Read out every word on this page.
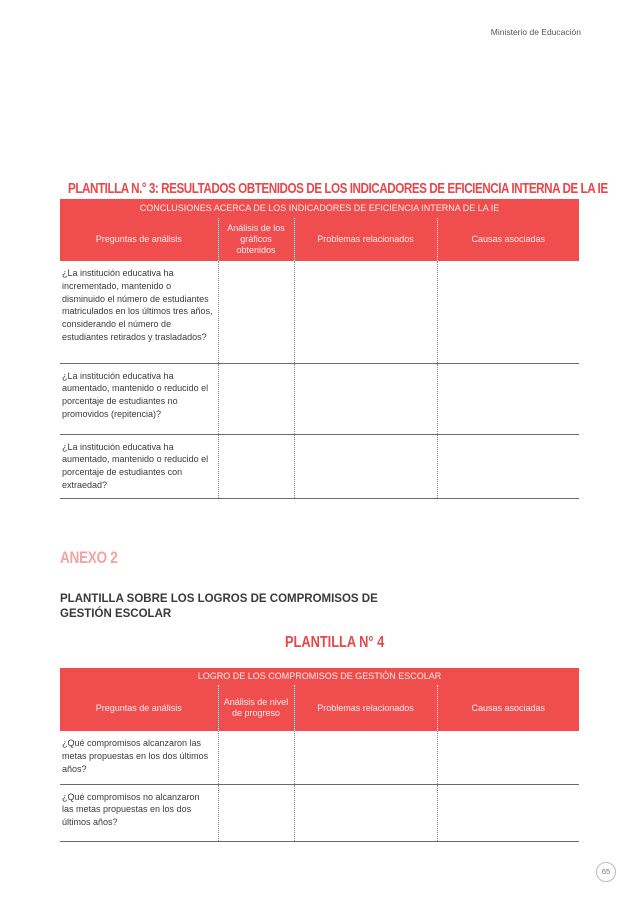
Ministerio de Educación
PLANTILLA N.° 3: RESULTADOS OBTENIDOS DE LOS INDICADORES DE EFICIENCIA INTERNA DE LA IE
CONCLUSIONES ACERCA DE LOS INDICADORES DE EFICIENCIA INTERNA DE LA IE			
Preguntas de análisis	Análisis de los gráficos obtenidos	Problemas relacionados	Causas asociadas
¿La institución educativa ha incrementado, mantenido o disminuido el número de estudiantes matriculados en los últimos tres años, considerando el número de estudiantes retirados y trasladados?			
¿La institución educativa ha aumentado, mantenido o reducido el porcentaje de estudiantes no promovidos (repitencia)?			
¿La institución educativa ha aumentado, mantenido o reducido el porcentaje de estudiantes con extraedad?			
ANEXO 2
PLANTILLA SOBRE LOS LOGROS DE COMPROMISOS DE GESTIÓN ESCOLAR
PLANTILLA N° 4
LOGRO DE LOS COMPROMISOS DE GESTIÓN ESCOLAR			
Preguntas de análisis	Análisis de nivel de progreso	Problemas relacionados	Causas asociadas
¿Qué compromisos alcanzaron las metas propuestas en los dos últimos años?			
¿Qué compromisos no alcanzaron las metas propuestas en los dos últimos años?			
65
